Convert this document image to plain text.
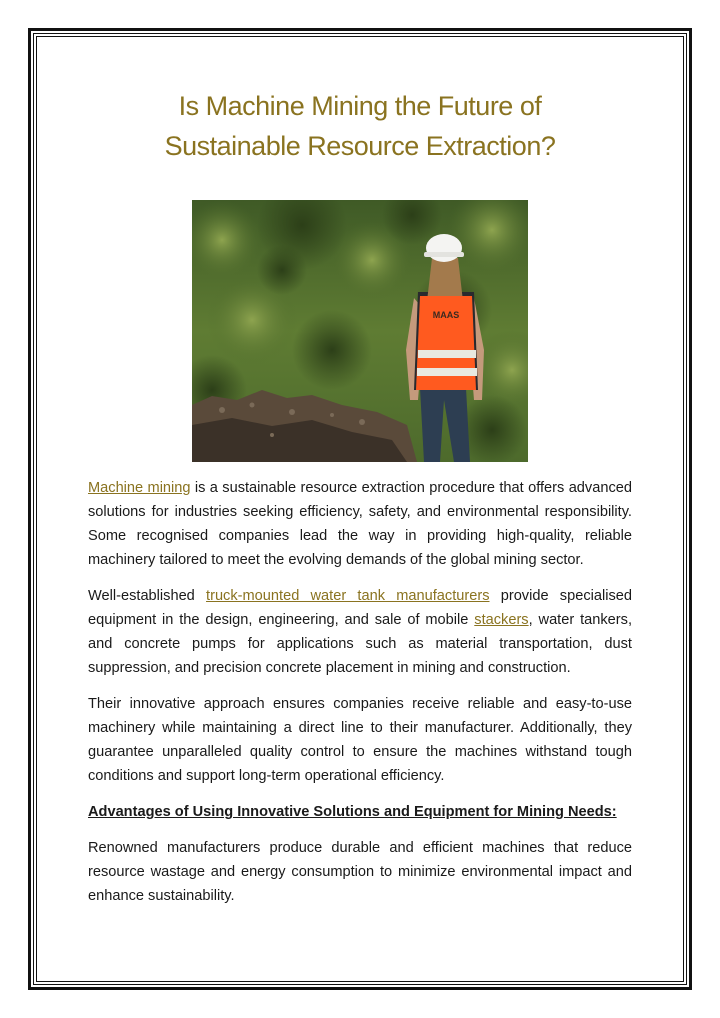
Is Machine Mining the Future of
Sustainable Resource Extraction?
MAAS

Machine mining is a sustainable resource extraction procedure that offers advanced solutions for industries seeking efficiency, safety, and environmental responsibility. Some recognised companies lead the way in providing high-quality, reliable machinery tailored to meet the evolving demands of the global mining sector.

Well-established truck-mounted water tank manufacturers provide specialised equipment in the design, engineering, and sale of mobile stackers, water tankers, and concrete pumps for applications such as material transportation, dust suppression, and precision concrete placement in mining and construction.

Their innovative approach ensures companies receive reliable and easy-to-use machinery while maintaining a direct line to their manufacturer. Additionally, they guarantee unparalleled quality control to ensure the machines withstand tough conditions and support long-term operational efficiency.

Advantages of Using Innovative Solutions and Equipment for Mining Needs:

Renowned manufacturers produce durable and efficient machines that reduce resource wastage and energy consumption to minimize environmental impact and enhance sustainability.
